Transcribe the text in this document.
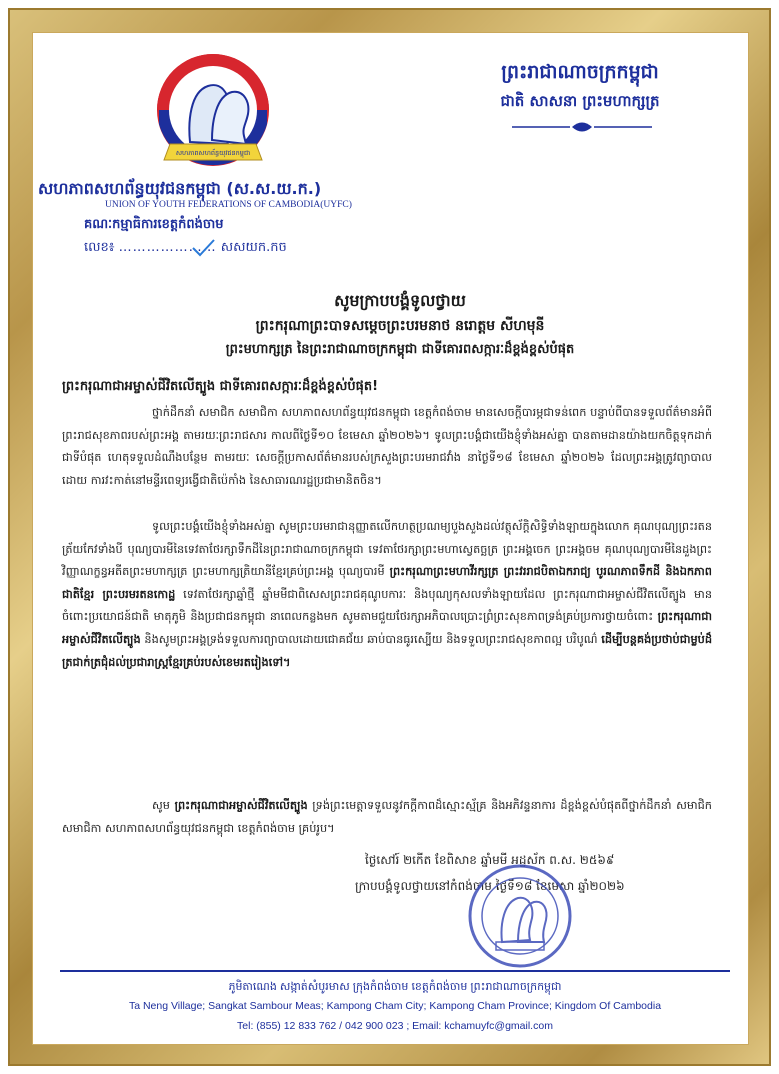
សហភាពសហព័ន្ធយុវជនកម្ពុជា
សហភាពសហព័ន្ធយុវជនកម្ពុជា (ស.ស.យ.ក.)
UNION OF YOUTH FEDERATIONS OF CAMBODIA(UYFC)
គណៈកម្មាធិការខេត្តកំពង់ចាម
លេខ៖ ………………… សសយក.កច
ព្រះរាជាណាចក្រកម្ពុជា
ជាតិ សាសនា ព្រះមហាក្សត្រ
សូមក្រាបបង្គំទូលថ្វាយ
ព្រះករុណាព្រះបាទសម្តេចព្រះបរមនាថ នរោត្តម សីហមុនី
ព្រះមហាក្សត្រ នៃព្រះរាជាណាចក្រកម្ពុជា ជាទីគោរពសក្ការៈដ៏ខ្ពង់ខ្ពស់បំផុត
ព្រះករុណាជាអម្ចាស់ជីវិតលើត្បូង ជាទីគោរពសក្ការៈដ៏ខ្ពង់ខ្ពស់បំផុត!
ថ្នាក់ដឹកនាំ សមាជិក សមាជិកា សហភាពសហព័ន្ធយុវជនកម្ពុជា ខេត្តកំពង់ចាម មានសេចក្តីបារម្ភជាទន់ពេក បន្ទាប់ពីបានទទួលព័ត៌មានអំពីព្រះរាជសុខភាពរបស់ព្រះអង្គ តាមរយៈព្រះរាជសារ កាលពីថ្ងៃទី១០ ខែមេសា ឆ្នាំ២០២៦។ ទូលព្រះបង្គំជាយើងខ្ញុំទាំងអស់គ្នា បានតាមដានយ៉ាងយកចិត្តទុកដាក់ជាទីបំផុត ហេតុទទួលដំណឹងបន្ថែម តាមរយៈ សេចក្តីប្រកាសព័ត៌មានរបស់ក្រសួងព្រះបរមរាជវាំង នាថ្ងៃទី១៨ ខែមេសា ឆ្នាំ២០២៦ ដែលព្រះអង្គត្រូវព្យាបាលដោយ ការវះកាត់នៅមន្ទីរពេទ្យរង្វើជាតិប៉េកាំង នៃសាធារណរដ្ឋប្រជាមានិតចិន។
ទូលព្រះបង្គំយើងខ្ញុំទាំងអស់គ្នា សូមព្រះបរមរាជានុញ្ញាតលើកហត្ថប្រណម្យបួងសួងដល់វត្ថុស័ក្តិសិទ្ធិទាំងឡាយក្នុងលោក គុណបុណ្យព្រះរតនត្រ័យកែវទាំងបី បុណ្យបារមីនៃទេវតាថែរក្សាទឹកដីនៃព្រះរាជាណាចក្រកម្ពុជា ទេវតាថែរក្សាព្រះមហាស្វេតច្ឆត្រ ព្រះអង្គចេក ព្រះអង្គចម គុណបុណ្យបារមីនៃដួងព្រះវិញ្ញាណក្ខន្ធអតីតព្រះមហាក្សត្រ ព្រះមហាក្សត្រិយានីខ្មែរគ្រប់ព្រះអង្គ បុណ្យបារមី ព្រះករុណាព្រះមហាវីរក្សត្រ ព្រះវររាជបិតាឯករាជ្យ បូរណភាពទឹកដី និងឯកភាពជាតិខ្មែរ ព្រះបរមរតនកោដ្ឋ ទេវតាថែរក្សាឆ្នាំថ្មី ឆ្នាំមមីជាពិសេសព្រះរាជគុណូបការៈ និងបុណ្យកុសលទាំងឡាយដែល ព្រះករុណាជាអម្ចាស់ជីវិតលើត្បូង មានចំពោះប្រយោជន៍ជាតិ មាតុភូមិ និងប្រជាជនកម្ពុជា នាពេលកន្លងមក សូមតាមជួយថែរក្សាអភិបាលប្រោះព្រំព្រះសុខភាពទ្រង់គ្រប់ប្រការថ្វាយចំពោះ ព្រះករុណាជាអម្ចាស់ជីវិតលើត្បូង និងសូមព្រះអង្គទ្រង់ទទួលការព្យាបាលដោយជោគជ័យ ឆាប់បានធូរស្បើយ និងទទួលព្រះរាជសុខភាពល្អ បរិបូណ៌ ដើម្បីបន្តគង់ប្រថាប់ជាម្លប់ដ៏ត្រជាក់ត្រជុំដល់ប្រជារាស្ត្រខ្មែរគ្រប់របស់ខេមរតរៀងទៅ។
សូម ព្រះករុណាជាអម្ចាស់ជីវិតលើត្បូង ទ្រង់ព្រះមេត្តាទទួលនូវកក្តីកាពដ៏ស្មោះស្ម័គ្រ និងអភិវន្ទនាការ ដ៏ខ្ពង់ខ្ពស់បំផុតពីថ្នាក់ដឹកនាំ សមាជិក សមាជិកា សហភាពសហព័ន្ធយុវជនកម្ពុជា ខេត្តកំពង់ចាម គ្រប់រូប។
ថ្ងៃសៅរ៍ ២កើត ខែពិសាខ ឆ្នាំមមី អដ្ឋស័ក ព.ស. ២៥៦៩
ក្រាបបង្គំទូលថ្វាយនៅកំពង់ចាម ថ្ងៃទី១៨ ខែមេសា ឆ្នាំ២០២៦
ភូមិតាណេង សង្កាត់សំបូរមាស ក្រុងកំពង់ចាម ខេត្តកំពង់ចាម ព្រះរាជាណាចក្រកម្ពុជា
Ta Neng Village; Sangkat Sambour Meas; Kampong Cham City; Kampong Cham Province; Kingdom Of Cambodia
Tel: (855) 12 833 762 / 042 900 023 ; Email: kchamuyfc@gmail.com
